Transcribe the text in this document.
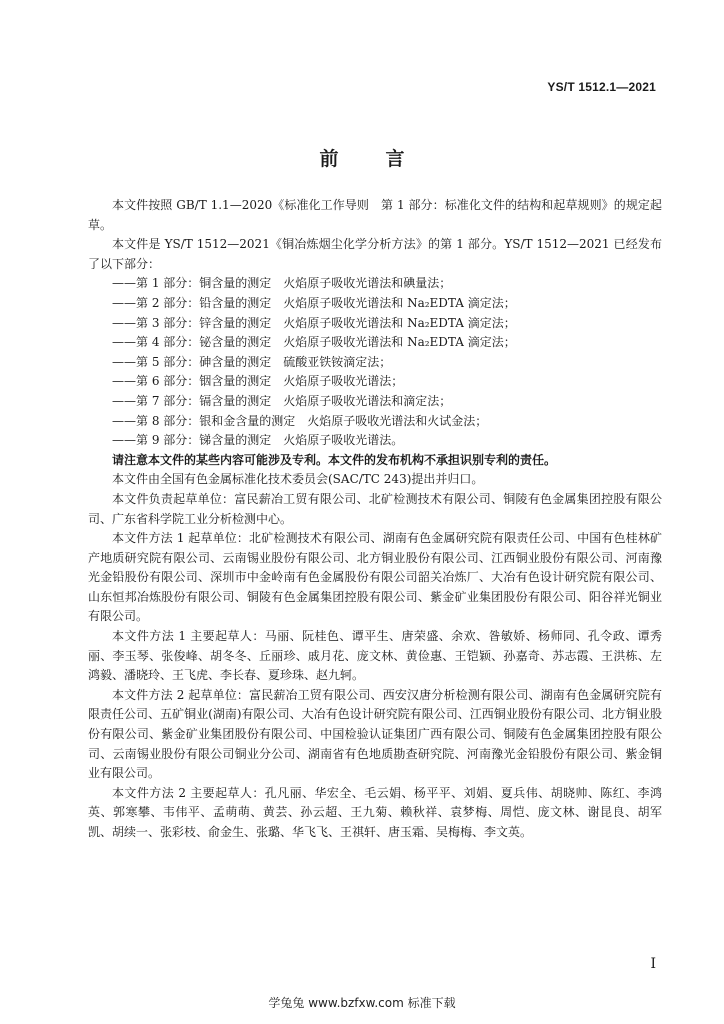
YS/T 1512.1—2021
前　言

本文件按照 GB/T 1.1—2020《标准化工作导则　第 1 部分：标准化文件的结构和起草规则》的规定起草。

本文件是 YS/T 1512—2021《铜冶炼烟尘化学分析方法》的第 1 部分。YS/T 1512—2021 已经发布了以下部分：

——第 1 部分：铜含量的测定 火焰原子吸收光谱法和碘量法；

——第 2 部分：铅含量的测定 火焰原子吸收光谱法和 Na₂EDTA 滴定法；

——第 3 部分：锌含量的测定 火焰原子吸收光谱法和 Na₂EDTA 滴定法；

——第 4 部分：铋含量的测定 火焰原子吸收光谱法和 Na₂EDTA 滴定法；

——第 5 部分：砷含量的测定 硫酸亚铁铵滴定法；

——第 6 部分：铟含量的测定 火焰原子吸收光谱法；

——第 7 部分：镉含量的测定 火焰原子吸收光谱法和滴定法；

——第 8 部分：银和金含量的测定 火焰原子吸收光谱法和火试金法；

——第 9 部分：锑含量的测定 火焰原子吸收光谱法。

请注意本文件的某些内容可能涉及专利。本文件的发布机构不承担识别专利的责任。

本文件由全国有色金属标准化技术委员会(SAC/TC 243)提出并归口。

本文件负责起草单位：富民薪冶工贸有限公司、北矿检测技术有限公司、铜陵有色金属集团控股有限公司、广东省科学院工业分析检测中心。

本文件方法 1 起草单位：北矿检测技术有限公司、湖南有色金属研究院有限责任公司、中国有色桂林矿产地质研究院有限公司、云南锡业股份有限公司、北方铜业股份有限公司、江西铜业股份有限公司、河南豫光金铅股份有限公司、深圳市中金岭南有色金属股份有限公司韶关冶炼厂、大冶有色设计研究院有限公司、山东恒邦冶炼股份有限公司、铜陵有色金属集团控股有限公司、紫金矿业集团股份有限公司、阳谷祥光铜业有限公司。

本文件方法 1 主要起草人：马丽、阮桂色、谭平生、唐荣盛、余欢、昝敏娇、杨师同、孔令政、谭秀丽、李玉琴、张俊峰、胡冬冬、丘丽珍、戚月花、庞文林、黄俭惠、王铠颖、孙嘉奇、苏志霞、王洪栋、左鸿毅、潘晓玲、王飞虎、李长春、夏珍珠、赵九轲。

本文件方法 2 起草单位：富民薪冶工贸有限公司、西安汉唐分析检测有限公司、湖南有色金属研究院有限责任公司、五矿铜业(湖南)有限公司、大冶有色设计研究院有限公司、江西铜业股份有限公司、北方铜业股份有限公司、紫金矿业集团股份有限公司、中国检验认证集团广西有限公司、铜陵有色金属集团控股有限公司、云南锡业股份有限公司铜业分公司、湖南省有色地质勘查研究院、河南豫光金铅股份有限公司、紫金铜业有限公司。

本文件方法 2 主要起草人：孔凡丽、华宏全、毛云娟、杨平平、刘娟、夏兵伟、胡晓帅、陈红、李鸿英、郭寒攀、韦伟平、孟萌萌、黄芸、孙云超、王九菊、赖秋祥、袁梦梅、周恺、庞文林、谢昆良、胡军凯、胡续一、张彩枝、俞金生、张璐、华飞飞、王祺轩、唐玉霜、吴梅梅、李文英。

I
学兔兔 www.bzfxw.com 标准下载
